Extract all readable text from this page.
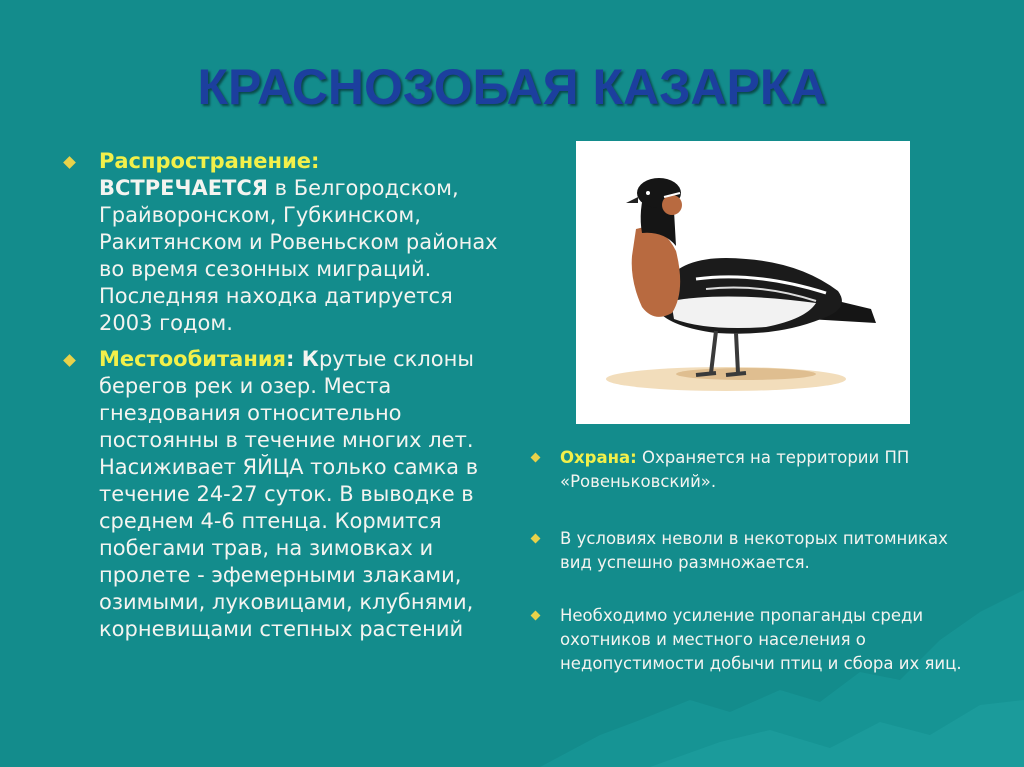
КРАСНОЗОБАЯ КАЗАРКА
Распространение:
ВСТРЕЧАЕТСЯ в Белгородском, Грайворонском, Губкинском, Ракитянском и Ровеньском районах во время сезонных миграций. Последняя находка датируется 2003 годом.
Местообитания: Крутые склоны берегов рек и озер. Места гнездования относительно постоянны в течение многих лет. Насиживает ЯЙЦА только самка в течение 24-27 суток. В выводке в среднем 4-6 птенца. Кормится побегами трав, на зимовках и пролете - эфемерными злаками, озимыми, луковицами, клубнями, корневищами степных растений
Охрана: Охраняется на территории ПП «Ровеньковский».
В условиях неволи в некоторых питомниках вид успешно размножается.
Необходимо усиление пропаганды среди охотников и местного населения о недопустимости добычи птиц и сбора их яиц.
